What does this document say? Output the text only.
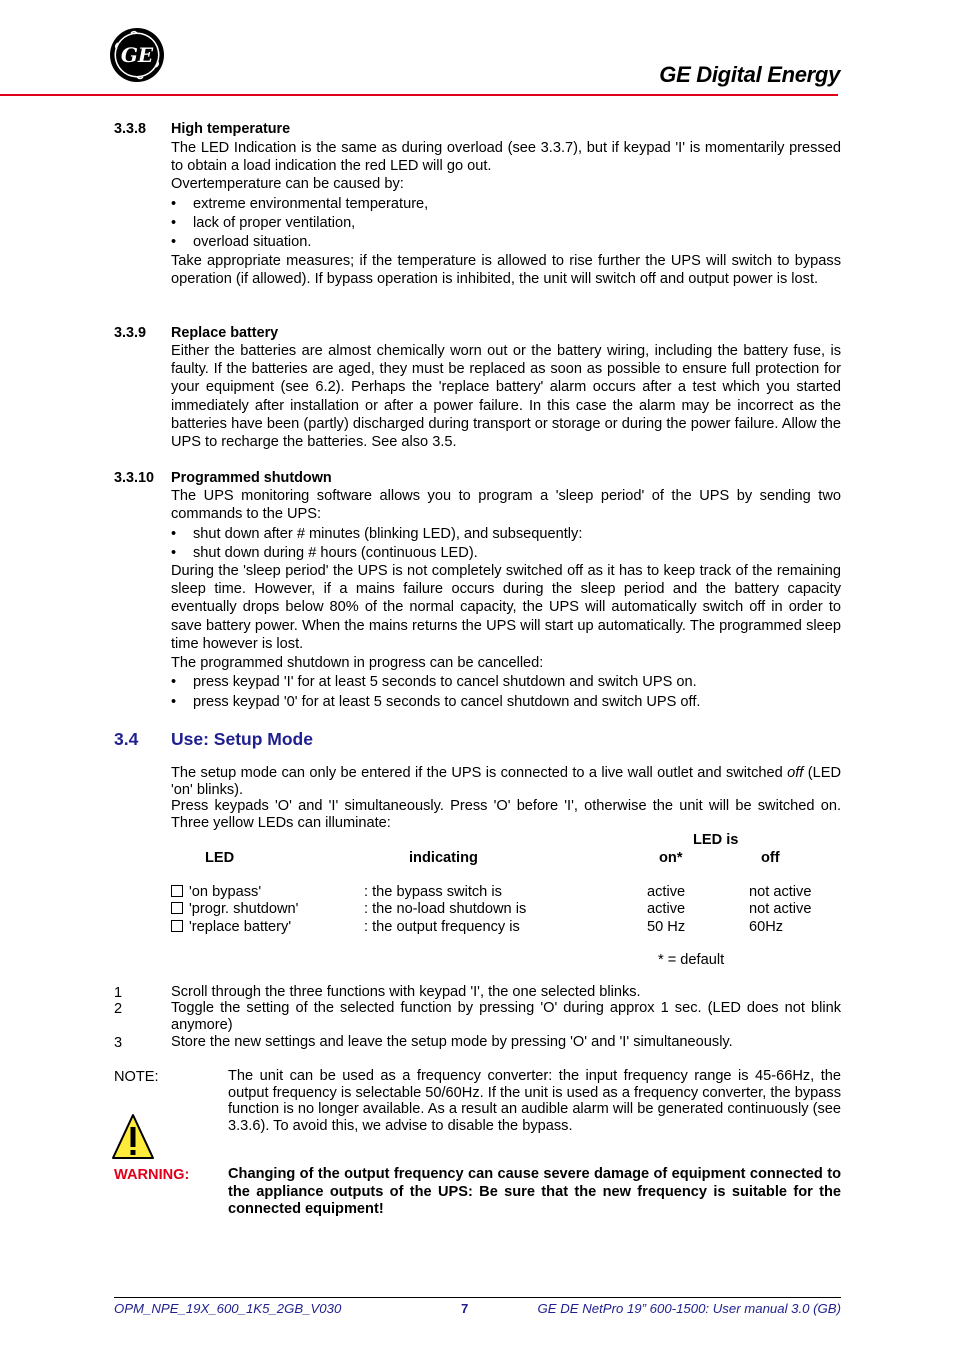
GE
GE Digital Energy
3.3.8 High temperature
The LED Indication is the same as during overload (see 3.3.7), but if keypad 'I' is momentarily pressed to obtain a load indication the red LED will go out.
Overtemperature can be caused by:
•	extreme environmental temperature,
•	lack of proper ventilation,
•	overload situation.
Take appropriate measures; if the temperature is allowed to rise further the UPS will switch to bypass operation (if allowed). If bypass operation is inhibited, the unit will switch off and output power is lost.
3.3.9 Replace battery
Either the batteries are almost chemically worn out or the battery wiring, including the battery fuse, is faulty. If the batteries are aged, they must be replaced as soon as possible to ensure full protection for your equipment (see 6.2). Perhaps the 'replace battery' alarm occurs after a test which you started immediately after installation or after a power failure. In this case the alarm may be incorrect as the batteries have been (partly) discharged during transport or storage or during the power failure. Allow the UPS to recharge the batteries. See also 3.5.
3.3.10 Programmed shutdown
The UPS monitoring software allows you to program a 'sleep period' of the UPS by sending two commands to the UPS:
•	shut down after # minutes (blinking LED), and subsequently:
•	shut down during # hours (continuous LED).
During the 'sleep period' the UPS is not completely switched off as it has to keep track of the remaining sleep time. However, if a mains failure occurs during the sleep period and the battery capacity eventually drops below 80% of the normal capacity, the UPS will automatically switch off in order to save battery power. When the mains returns the UPS will start up automatically. The programmed sleep time however is lost.
The programmed shutdown in progress can be cancelled:
•	press keypad 'I' for at least 5 seconds to cancel shutdown and switch UPS on.
•	press keypad '0' for at least 5 seconds to cancel shutdown and switch UPS off.
3.4 Use: Setup Mode
The setup mode can only be entered if the UPS is connected to a live wall outlet and switched off (LED 'on' blinks).
Press keypads 'O' and 'I' simultaneously. Press 'O' before 'I', otherwise the unit will be switched on. Three yellow LEDs can illuminate:
LED is
LED	indicating	on*	off
'on bypass'	: the bypass switch is	active	not active
'progr. shutdown'	: the no-load shutdown is	active	not active
'replace battery'	: the output frequency is	50 Hz	60Hz
* = default
1	Scroll through the three functions with keypad 'I', the one selected blinks.
2	Toggle the setting of the selected function by pressing 'O' during approx 1 sec. (LED does not blink anymore)
3	Store the new settings and leave the setup mode by pressing 'O' and 'I' simultaneously.
NOTE:	The unit can be used as a frequency converter: the input frequency range is 45-66Hz, the output frequency is selectable 50/60Hz. If the unit is used as a frequency converter, the bypass function is no longer available. As a result an audible alarm will be generated continuously (see 3.3.6). To avoid this, we advise to disable the bypass.
WARNING:	Changing of the output frequency can cause severe damage of equipment connected to the appliance outputs of the UPS: Be sure that the new frequency is suitable for the connected equipment!
OPM_NPE_19X_600_1K5_2GB_V030	7	GE DE NetPro 19” 600-1500: User manual 3.0 (GB)
